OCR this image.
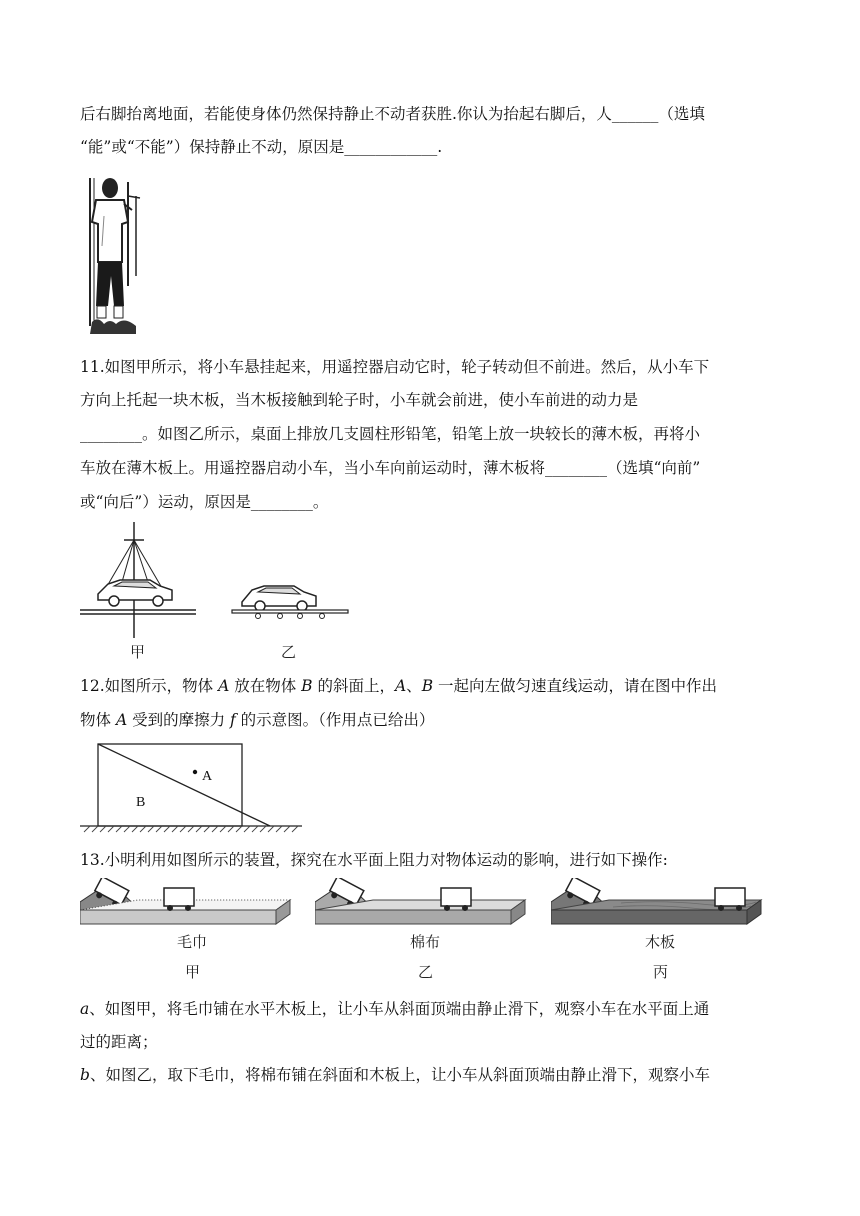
后右脚抬离地面，若能使身体仍然保持静止不动者获胜.你认为抬起右脚后，人______（选填
“能”或“不能”）保持静止不动，原因是____________.
11.如图甲所示，将小车悬挂起来，用遥控器启动它时，轮子转动但不前进。然后，从小车下
方向上托起一块木板，当木板接触到轮子时，小车就会前进，使小车前进的动力是
________。如图乙所示，桌面上排放几支圆柱形铅笔，铅笔上放一块较长的薄木板，再将小
车放在薄木板上。用遥控器启动小车，当小车向前运动时，薄木板将________（选填“向前”
或“向后”）运动，原因是________。
甲	乙
12.如图所示，物体 A 放在物体 B 的斜面上，A、B 一起向左做匀速直线运动，请在图中作出
物体 A 受到的摩擦力 f 的示意图。（作用点已给出）
A
B
13.小明利用如图所示的装置，探究在水平面上阻力对物体运动的影响，进行如下操作:
毛巾
甲
棉布
乙
木板
丙
a、如图甲，将毛巾铺在水平木板上，让小车从斜面顶端由静止滑下，观察小车在水平面上通
过的距离；
b、如图乙，取下毛巾，将棉布铺在斜面和木板上，让小车从斜面顶端由静止滑下，观察小车
